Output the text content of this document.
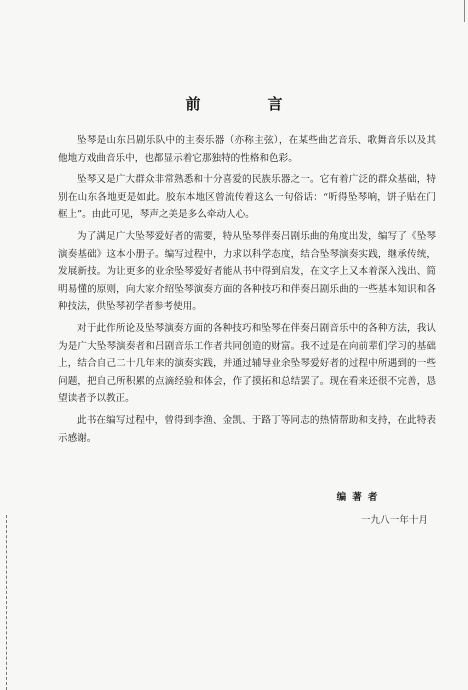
前　言

坠琴是山东吕剧乐队中的主奏乐器（亦称主弦），在某些曲艺音乐、歌舞音乐以及其他地方戏曲音乐中，也都显示着它那独特的性格和色彩。

坠琴又是广大群众非常熟悉和十分喜爱的民族乐器之一。它有着广泛的群众基础，特别在山东各地更是如此。胶东本地区曾流传着这么一句俗话：“听得坠琴响，饼子贴在门框上”。由此可见，琴声之美是多么牵动人心。

为了满足广大坠琴爱好者的需要，特从坠琴伴奏吕剧乐曲的角度出发，编写了《坠琴演奏基础》这本小册子。编写过程中，力求以科学态度，结合坠琴演奏实践，继承传统，发展新技。为让更多的业余坠琴爱好者能从书中得到启发，在文字上又本着深入浅出、简明易懂的原则，向大家介绍坠琴演奏方面的各种技巧和伴奏吕剧乐曲的一些基本知识和各种技法，供坠琴初学者参考使用。

对于此作所论及坠琴演奏方面的各种技巧和坠琴在伴奏吕剧音乐中的各种方法，我认为是广大坠琴演奏者和吕剧音乐工作者共同创造的财富。我不过是在向前辈们学习的基础上，结合自己二十几年来的演奏实践，并通过辅导业余坠琴爱好者的过程中所遇到的一些问题，把自己所积累的点滴经验和体会，作了摸拓和总结罢了。现在看来还很不完善，恳望读者予以教正。

此书在编写过程中，曾得到李渔、金凯、于路丁等同志的热情帮助和支持，在此特表示感谢。

编著者
一九八一年十月
